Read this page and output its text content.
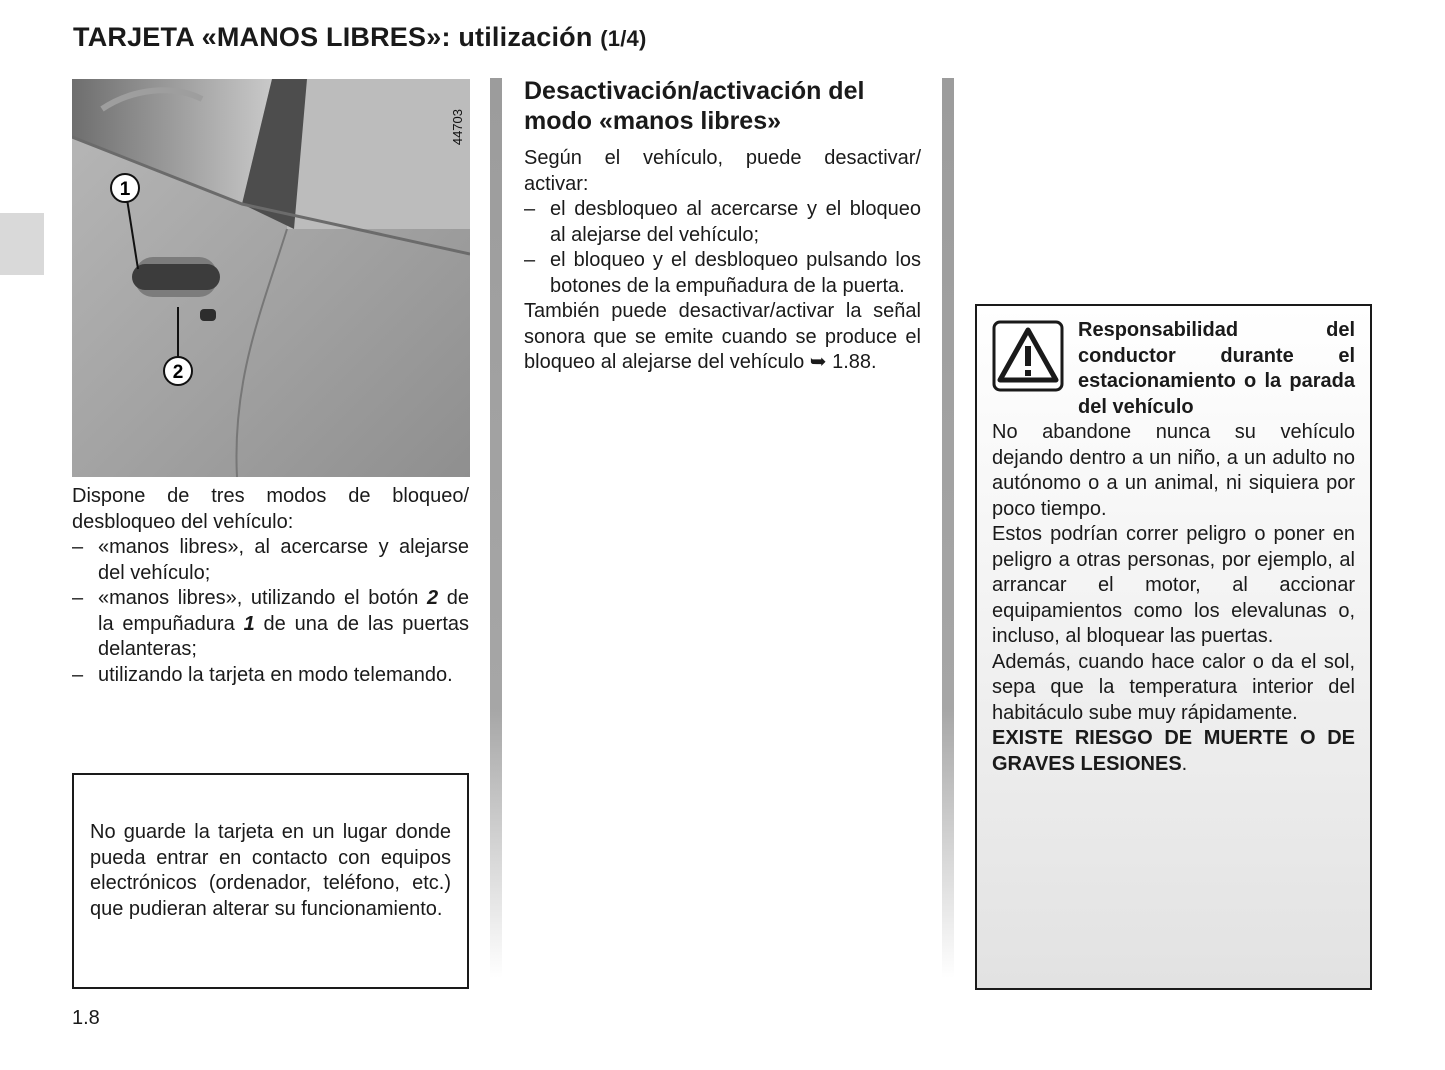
TARJETA «MANOS LIBRES»: utilización (1/4)
1
2
44703

Dispone de tres modos de bloqueo/ desbloqueo del vehículo:

– «manos libres», al acercarse y alejarse del vehículo;
– «manos libres», utilizando el botón 2 de la empuñadura 1 de una de las puertas delanteras;
– utilizando la tarjeta en modo telemando.

No guarde la tarjeta en un lugar donde pueda entrar en contacto con equipos electrónicos (ordenador, teléfono, etc.) que pudieran alterar su funcionamiento.

Desactivación/activación del modo «manos libres»

Según el vehículo, puede desactivar/ activar:

– el desbloqueo al acercarse y el bloqueo al alejarse del vehículo;
– el bloqueo y el desbloqueo pulsando los botones de la empuñadura de la puerta.

También puede desactivar/activar la señal sonora que se emite cuando se produce el bloqueo al alejarse del vehículo ➥ 1.88.

Responsabilidad del conductor durante el estacionamiento o la parada del vehículo

No abandone nunca su vehículo dejando dentro a un niño, a un adulto no autónomo o a un animal, ni siquiera por poco tiempo.

Estos podrían correr peligro o poner en peligro a otras personas, por ejemplo, al arrancar el motor, al accionar equipamientos como los elevalunas o, incluso, al bloquear las puertas.

Además, cuando hace calor o da el sol, sepa que la temperatura interior del habitáculo sube muy rápidamente.

EXISTE RIESGO DE MUERTE O DE GRAVES LESIONES.

1.8
